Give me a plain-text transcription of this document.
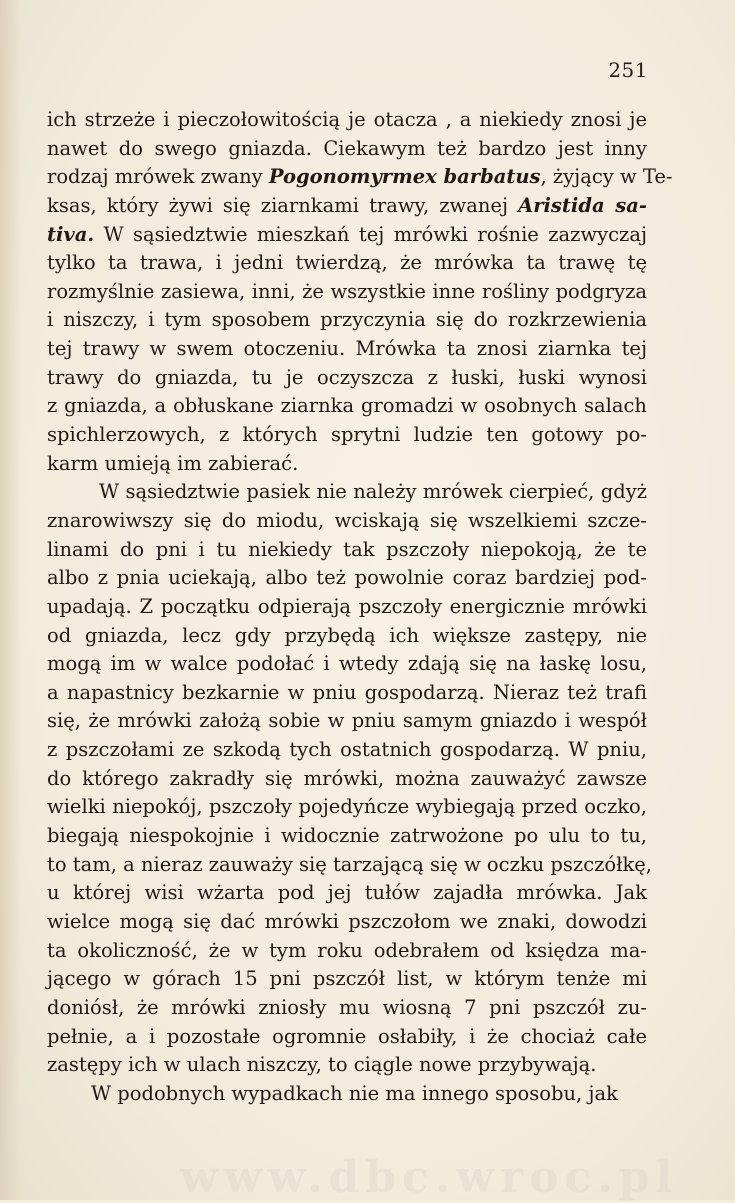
251
ich strzeże i pieczołowitością je otacza , a niekiedy znosi je
nawet do swego gniazda. Ciekawym też bardzo jest inny
rodzaj mrówek zwany Pogonomyrmex barbatus, żyjący w Te-
ksas, który żywi się ziarnkami trawy, zwanej Aristida sa-
tiva. W sąsiedztwie mieszkań tej mrówki rośnie zazwyczaj
tylko ta trawa, i jedni twierdzą, że mrówka ta trawę tę
rozmyślnie zasiewa, inni, że wszystkie inne rośliny podgryza
i niszczy, i tym sposobem przyczynia się do rozkrzewienia
tej trawy w swem otoczeniu. Mrówka ta znosi ziarnka tej
trawy do gniazda, tu je oczyszcza z łuski, łuski wynosi
z gniazda, a obłuskane ziarnka gromadzi w osobnych salach
spichlerzowych, z których sprytni ludzie ten gotowy po-
karm umieją im zabierać.
W sąsiedztwie pasiek nie należy mrówek cierpieć, gdyż
znarowiwszy się do miodu, wciskają się wszelkiemi szcze-
linami do pni i tu niekiedy tak pszczoły niepokoją, że te
albo z pnia uciekają, albo też powolnie coraz bardziej pod-
upadają. Z początku odpierają pszczoły energicznie mrówki
od gniazda, lecz gdy przybędą ich większe zastępy, nie
mogą im w walce podołać i wtedy zdają się na łaskę losu,
a napastnicy bezkarnie w pniu gospodarzą. Nieraz też trafi
się, że mrówki założą sobie w pniu samym gniazdo i wespół
z pszczołami ze szkodą tych ostatnich gospodarzą. W pniu,
do którego zakradły się mrówki, można zauważyć zawsze
wielki niepokój, pszczoły pojedyńcze wybiegają przed oczko,
biegają niespokojnie i widocznie zatrwożone po ulu to tu,
to tam, a nieraz zauważy się tarzającą się w oczku pszczółkę,
u której wisi wżarta pod jej tułów zajadła mrówka. Jak
wielce mogą się dać mrówki pszczołom we znaki, dowodzi
ta okoliczność, że w tym roku odebrałem od księdza ma-
jącego w górach 15 pni pszczół list, w którym tenże mi
doniósł, że mrówki zniosły mu wiosną 7 pni pszczół zu-
pełnie, a i pozostałe ogromnie osłabiły, i że chociaż całe
zastępy ich w ulach niszczy, to ciągle nowe przybywają.
W podobnych wypadkach nie ma innego sposobu, jak
www.dbc.wroc.pl
